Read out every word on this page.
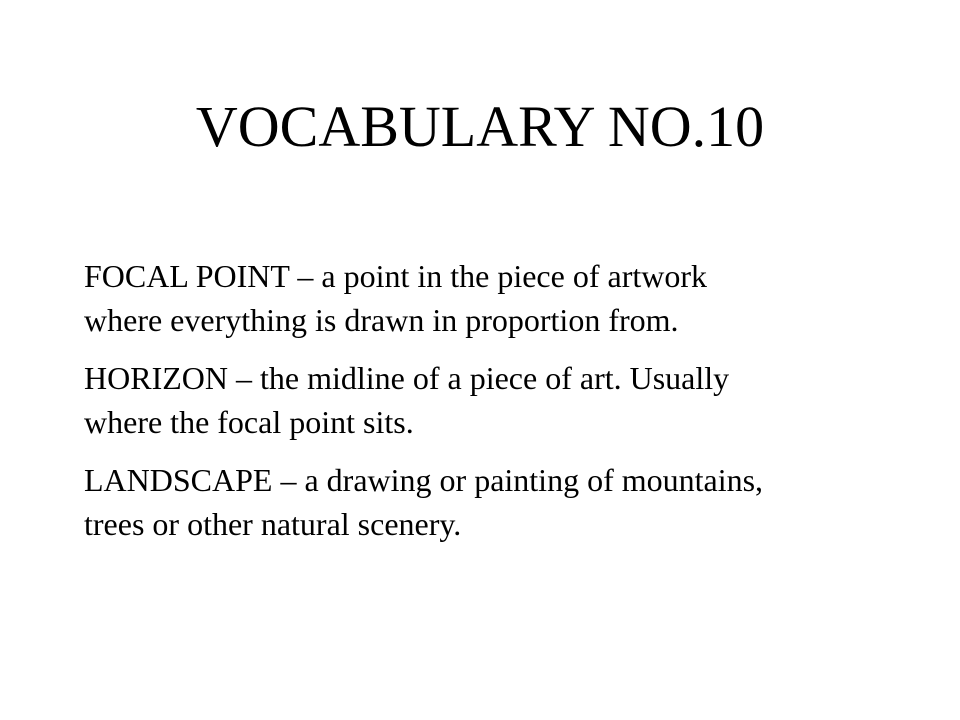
VOCABULARY NO.10

FOCAL POINT – a point in the piece of artwork
where everything is drawn in proportion from.

HORIZON – the midline of a piece of art. Usually
where the focal point sits.

LANDSCAPE – a drawing or painting of mountains,
trees or other natural scenery.
